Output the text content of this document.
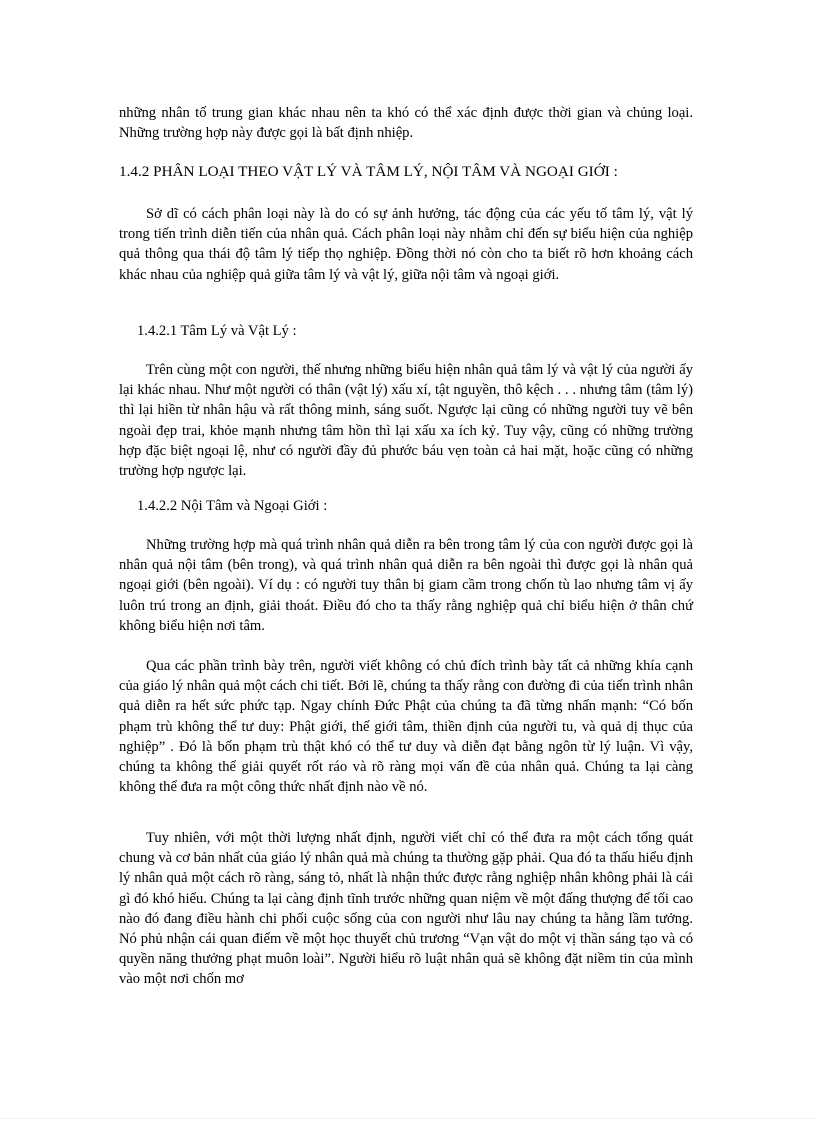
những nhân tố trung gian khác nhau nên ta khó có thể xác định được thời gian và chủng loại. Những trường hợp này được gọi là bất định nhiệp.

1.4.2 PHÂN LOẠI THEO VẬT LÝ VÀ TÂM LÝ, NỘI TÂM VÀ NGOẠI GIỚI :

Sở dĩ có cách phân loại này là do có sự ảnh hưởng, tác động của các yếu tố tâm lý, vật lý trong tiến trình diễn tiến của nhân quả. Cách phân loại này nhằm chỉ đến sự biểu hiện của nghiệp quả thông qua thái độ tâm lý tiếp thọ nghiệp. Đồng thời nó còn cho ta biết rõ hơn khoảng cách khác nhau của nghiệp quả giữa tâm lý và vật lý, giữa nội tâm và ngoại giới.

1.4.2.1 Tâm Lý và Vật Lý :

Trên cùng một con người, thế nhưng những biểu hiện nhân quả tâm lý và vật lý của người ấy lại khác nhau. Như một người có thân (vật lý) xấu xí, tật nguyền, thô kệch . . . nhưng tâm (tâm lý) thì lại hiền từ nhân hậu và rất thông minh, sáng suốt. Ngược lại cũng có những người tuy vẽ bên ngoài đẹp trai, khỏe mạnh nhưng tâm hồn thì lại xấu xa ích kỷ. Tuy vậy, cũng có những trường hợp đặc biệt ngoại lệ, như có người đầy đủ phước báu vẹn toàn cả hai mặt, hoặc cũng có những trường hợp ngược lại.

1.4.2.2 Nội Tâm và Ngoại Giới :

Những trường hợp mà quá trình nhân quả diễn ra bên trong tâm lý của con người được gọi là nhân quả nội tâm (bên trong), và quá trình nhân quả diễn ra bên ngoài thì được gọi là nhân quả ngoại giới (bên ngoài). Ví dụ : có người tuy thân bị giam cầm trong chốn tù lao nhưng tâm vị ấy luôn trú trong an định, giải thoát. Điều đó cho ta thấy rằng nghiệp quả chỉ biểu hiện ở thân chứ không biểu hiện nơi tâm.

Qua các phần trình bày trên, người viết không có chủ đích trình bày tất cả những khía cạnh của giáo lý nhân quả một cách chi tiết. Bởi lẽ, chúng ta thấy rằng con đường đi của tiến trình nhân quả diễn ra hết sức phức tạp. Ngay chính Đức Phật của chúng ta đã từng nhấn mạnh: “Có bốn phạm trù không thể tư duy: Phật giới, thế giới tâm, thiền định của người tu, và quả dị thục của nghiệp” . Đó là bốn phạm trù thật khó có thể tư duy và diễn đạt bằng ngôn từ lý luận. Vì vậy, chúng ta không thể giải quyết rốt ráo và rõ ràng mọi vấn đề của nhân quả. Chúng ta lại càng không thể đưa ra một công thức nhất định nào về nó.

Tuy nhiên, với một thời lượng nhất định, người viết chỉ có thể đưa ra một cách tổng quát chung và cơ bản nhất của giáo lý nhân quả mà chúng ta thường gặp phải. Qua đó ta thấu hiểu định lý nhân quả một cách rõ ràng, sáng tỏ, nhất là nhận thức được rằng nghiệp nhân không phải là cái gì đó khó hiểu. Chúng ta lại càng định tĩnh trước những quan niệm về một đấng thượng đế tối cao nào đó đang điều hành chi phối cuộc sống của con người như lâu nay chúng ta hằng lầm tưởng. Nó phủ nhận cái quan điểm về một học thuyết chủ trương “Vạn vật do một vị thần sáng tạo và có quyền năng thưởng phạt muôn loài”. Người hiểu rõ luật nhân quả sẽ không đặt niềm tin của mình vào một nơi chốn mơ
